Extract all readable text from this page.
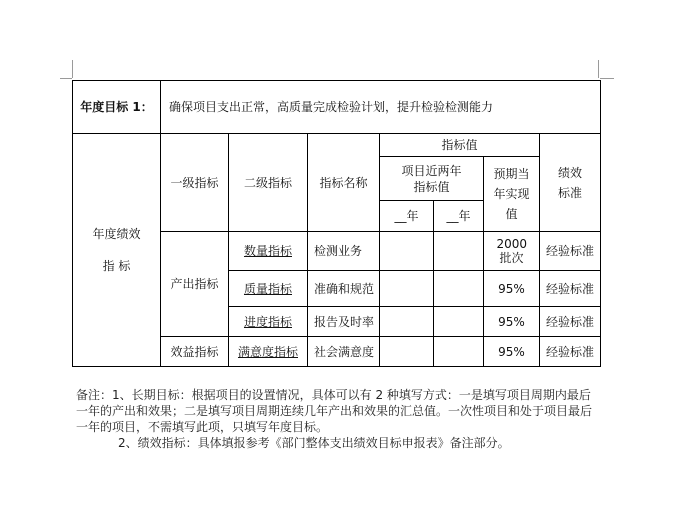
年度目标 1：	确保项目支出正常，高质量完成检验计划，提升检验检测能力						

年度绩效 指 标	一级指标	二级指标	指标名称	指标值			绩效标准

				项目近两年指标值		预期当年实现值	

				__年	__年		
	产出指标	数量指标	检测业务			2000 批次	经验标准
		质量指标	准确和规范			95%	经验标准
		进度指标	报告及时率			95%	经验标准
	效益指标	满意度指标	社会满意度			95%	经验标准

备注：1、长期目标：根据项目的设置情况，具体可以有 2 种填写方式：一是填写项目周期内最后一年的产出和效果；二是填写项目周期连续几年产出和效果的汇总值。一次性项目和处于项目最后一年的项目，不需填写此项，只填写年度目标。

2、绩效指标：具体填报参考《部门整体支出绩效目标申报表》备注部分。
